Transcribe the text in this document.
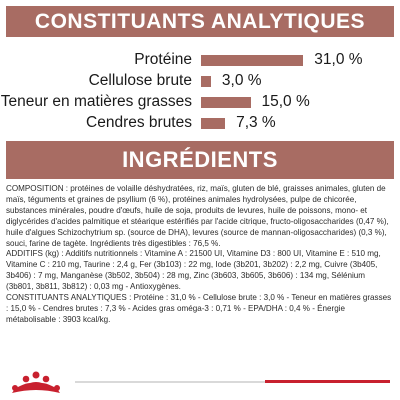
CONSTITUANTS ANALYTIQUES
Protéine	31,0 %
Cellulose brute 3,0 %
Teneur en matières grasses	15,0 %
Cendres brutes	7,3 %
INGRÉDIENTS

COMPOSITION : protéines de volaille déshydratées, riz, maïs, gluten de blé, graisses animales, gluten de maïs, téguments et graines de psyllium (6 %), protéines animales hydrolysées, pulpe de chicorée, substances minérales, poudre d'œufs, huile de soja, produits de levures, huile de poissons, mono- et diglycérides d'acides palmitique et stéarique estérifiés par l'acide citrique, fructo-oligosaccharides (0,47 %), huile d'algues Schizochytrium sp. (source de DHA), levures (source de mannan-oligosaccharides) (0,3 %), souci, farine de tagète. Ingrédients très digestibles : 76,5 %.

ADDITIFS (kg) : Additifs nutritionnels : Vitamine A : 21500 UI, Vitamine D3 : 800 UI, Vitamine E : 510 mg, Vitamine C : 210 mg, Taurine : 2,4 g, Fer (3b103) : 22 mg, Iode (3b201, 3b202) : 2,2 mg, Cuivre (3b405, 3b406) : 7 mg, Manganèse (3b502, 3b504) : 28 mg, Zinc (3b603, 3b605, 3b606) : 134 mg, Sélénium (3b801, 3b811, 3b812) : 0,03 mg - Antioxygènes.

CONSTITUANTS ANALYTIQUES : Protéine : 31,0 % - Cellulose brute : 3,0 % - Teneur en matières grasses : 15,0 % - Cendres brutes : 7,3 % - Acides gras oméga-3 : 0,71 % - EPA/DHA : 0,4 % - Énergie métabolisable : 3903 kcal/kg.
